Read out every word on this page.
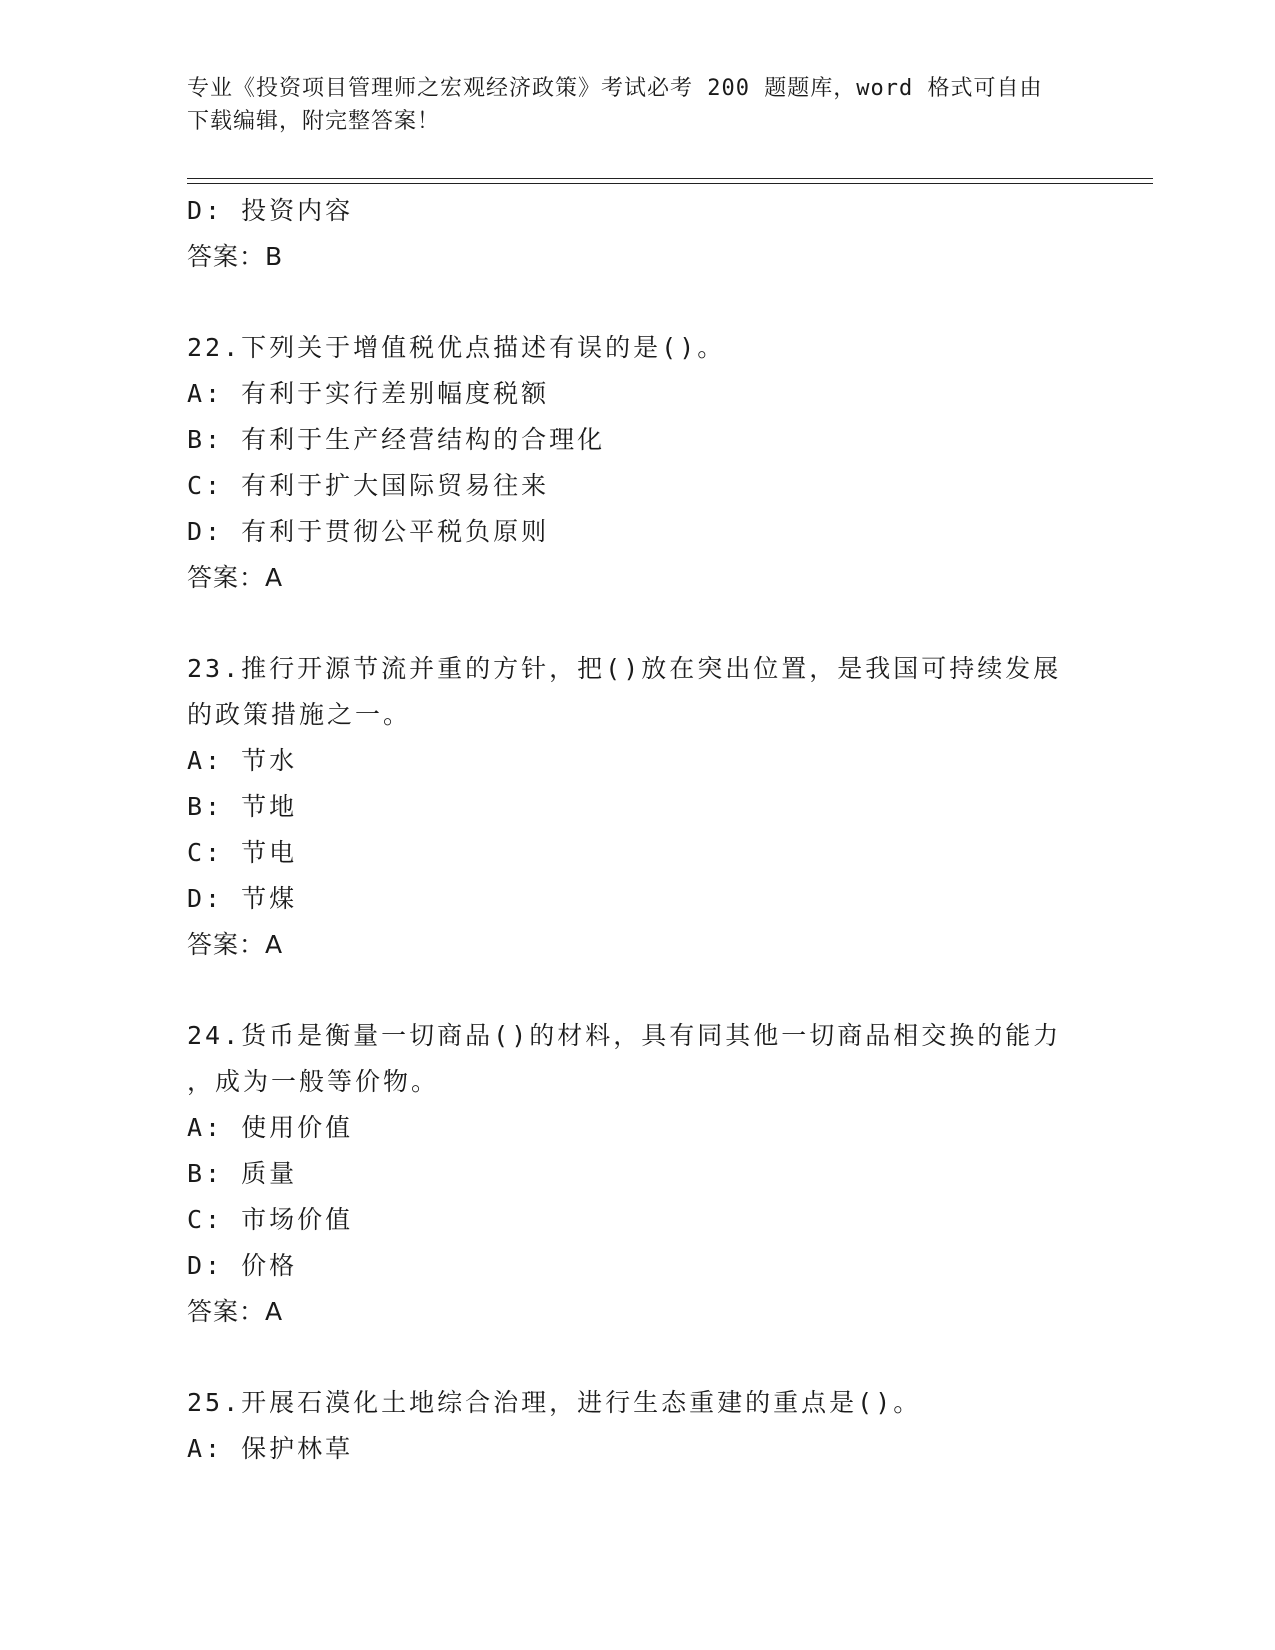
专业《投资项目管理师之宏观经济政策》考试必考 200 题题库，word 格式可自由
下载编辑，附完整答案！
D: 投资内容
答案：B
22.下列关于增值税优点描述有误的是()。
A: 有利于实行差别幅度税额
B: 有利于生产经营结构的合理化
C: 有利于扩大国际贸易往来
D: 有利于贯彻公平税负原则
答案：A
23.推行开源节流并重的方针，把()放在突出位置，是我国可持续发展
的政策措施之一。
A: 节水
B: 节地
C: 节电
D: 节煤
答案：A
24.货币是衡量一切商品()的材料，具有同其他一切商品相交换的能力
，成为一般等价物。
A: 使用价值
B: 质量
C: 市场价值
D: 价格
答案：A
25.开展石漠化土地综合治理，进行生态重建的重点是()。
A: 保护林草
